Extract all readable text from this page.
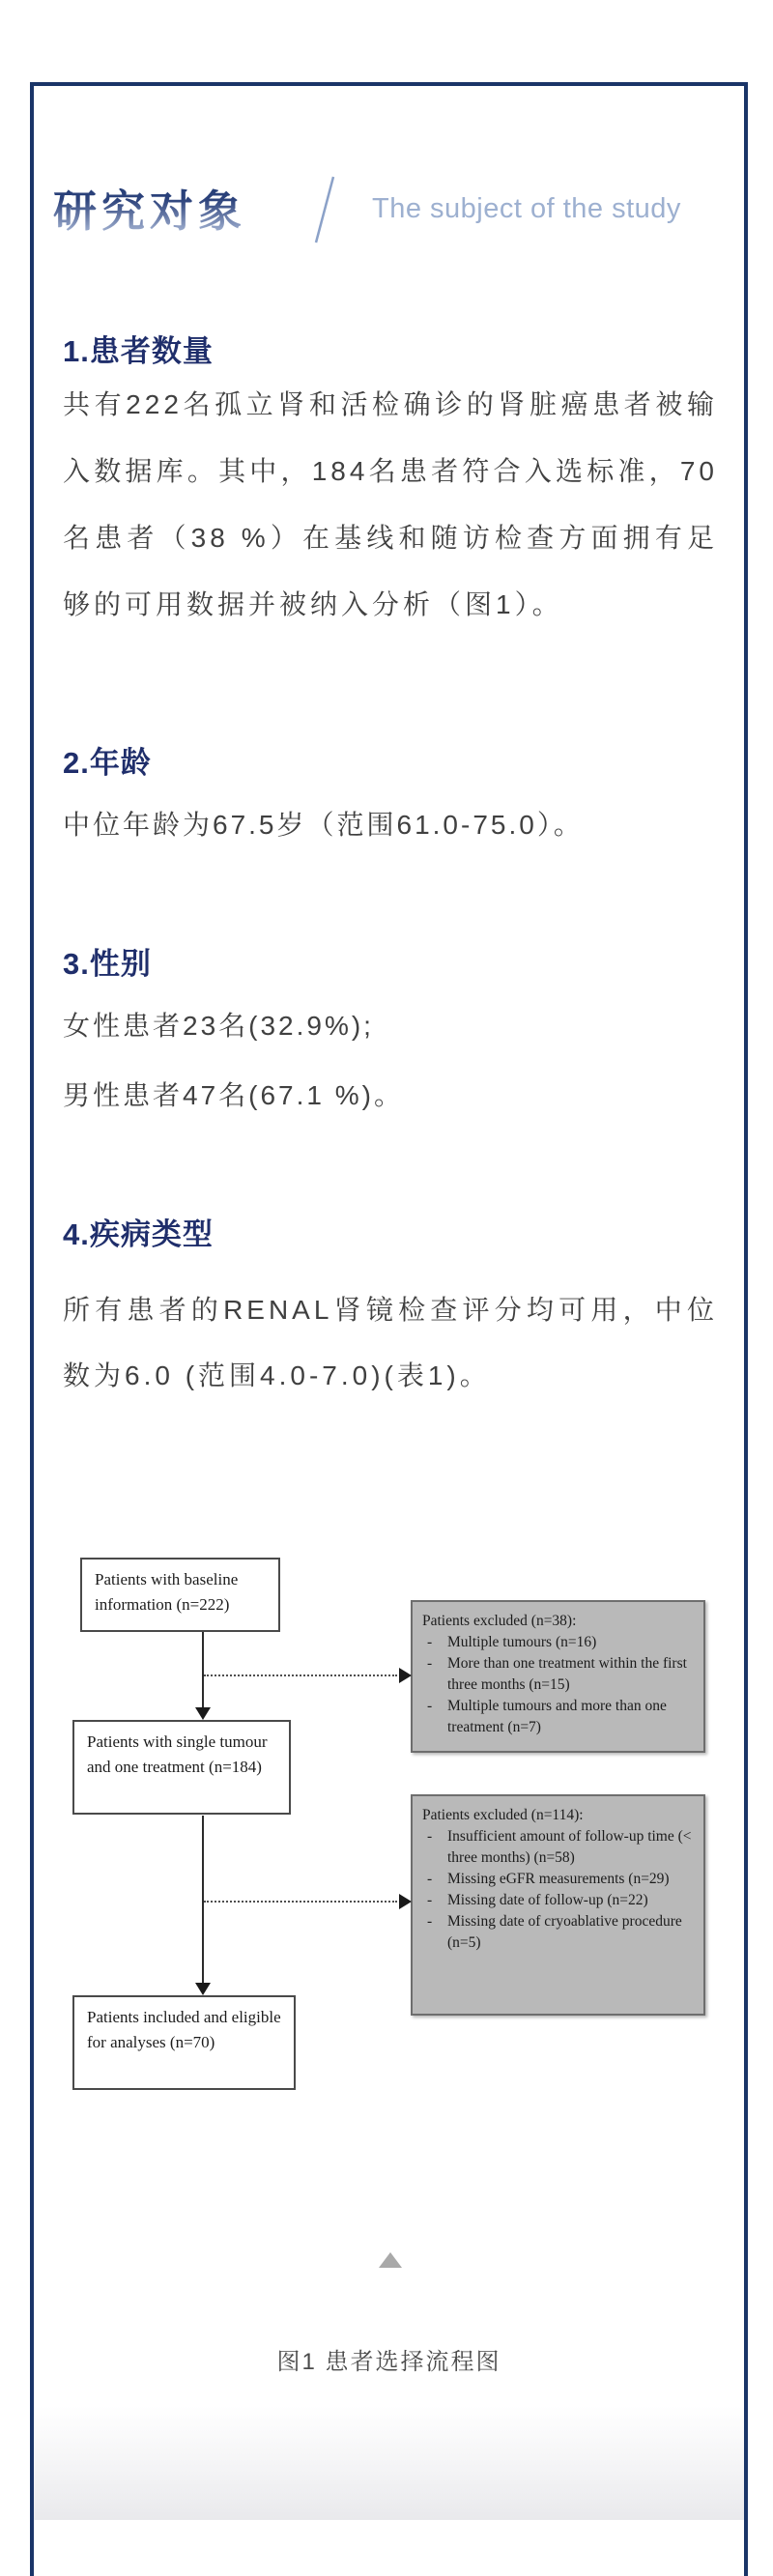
研究对象	The subject of the study
1.患者数量
共有222名孤立肾和活检确诊的肾脏癌患者被输入数据库。其中，184名患者符合入选标准，70名患者（38 %）在基线和随访检查方面拥有足够的可用数据并被纳入分析（图1）。
2.年龄
中位年龄为67.5岁（范围61.0-75.0）。
3.性别
女性患者23名(32.9%);
男性患者47名(67.1 %)。
4.疾病类型
所有患者的RENAL肾镜检查评分均可用，中位数为6.0 (范围4.0-7.0)(表1)。
Patients with baseline information (n=222)
Patients with single tumour and one treatment (n=184)
Patients included and eligible for analyses (n=70)
Patients excluded (n=38):
-	Multiple tumours (n=16)
-	More than one treatment within the first three months (n=15)
-	Multiple tumours and more than one treatment (n=7)
Patients excluded (n=114):
-	Insufficient amount of follow-up time (< three months) (n=58)
-	Missing eGFR measurements (n=29)
-	Missing date of follow-up (n=22)
-	Missing date of cryoablative procedure (n=5)
图1 患者选择流程图
